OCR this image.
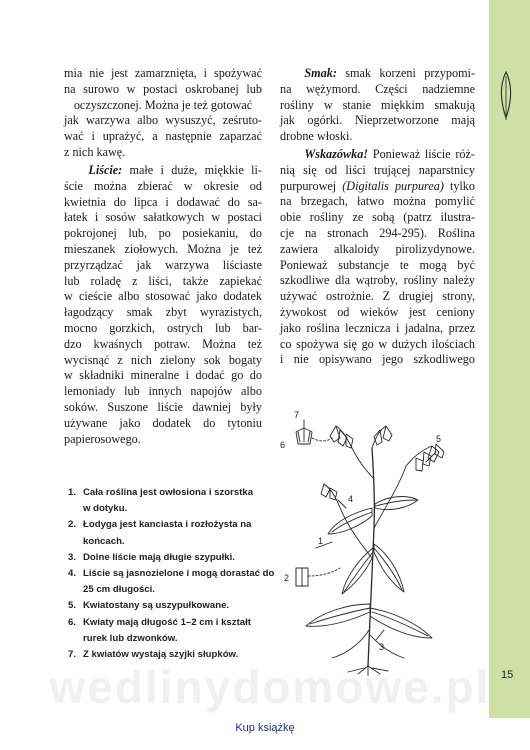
15
mia nie jest zamarznięta, i spożywać
na surowo w postaci oskrobanej lub
oczyszczonej. Można je też gotować
jak warzywa albo wysuszyć, ześruto-
wać i uprażyć, a następnie zaparzać
z nich kawę.
  Liście: małe i duże, miękkie li-
ście można zbierać w okresie od
kwietnia do lipca i dodawać do sa-
łatek i sosów sałatkowych w postaci
pokrojonej lub, po posiekaniu, do
mieszanek ziołowych. Można je też
przyrządzać jak warzywa liściaste
lub roladę z liści, także zapiekać
w cieście albo stosować jako dodatek
łagodzący smak zbyt wyrazistych,
mocno gorzkich, ostrych lub bar-
dzo kwaśnych potraw. Można też
wycisnąć z nich zielony sok bogaty
w składniki mineralne i dodać go do
lemoniady lub innych napojów albo
soków. Suszone liście dawniej były
używane jako dodatek do tytoniu
papierosowego.
1. Cała roślina jest owłosiona i szorstka
w dotyku.
2. Łodyga jest kanciasta i rozłożysta na
końcach.
3. Dolne liście mają długie szypułki.
4. Liście są jasnozielone i mogą dorastać do
25 cm długości.
5. Kwiatostany są uszypułkowane.
6. Kwiaty mają długość 1–2 cm i kształt
rurek lub dzwonków.
7. Z kwiatów wystają szyjki słupków.
  Smak: smak korzeni przypomi-
na wężymord. Części nadziemne
rośliny w stanie miękkim smakują
jak ogórki. Nieprzetworzone mają
drobne włoski.
  Wskazówka! Ponieważ liście róż-
nią się od liści trującej naparstnicy
purpurowej (Digitalis purpurea) tylko
na brzegach, łatwo można pomylić
obie rośliny ze sobą (patrz ilustra-
cje na stronach 294-295). Roślina
zawiera alkaloidy pirolizydynowe.
Ponieważ substancje te mogą być
szkodliwe dla wątroby, rośliny należy
używać ostrożnie. Z drugiej strony,
żywokost od wieków jest ceniony
jako roślina lecznicza i jadalna, przez
co spożywa się go w dużych ilościach
i nie opisywano jego szkodliwego
1
2
3
4
5
6
7
wedlinydomowe.pl
Kup książkę
